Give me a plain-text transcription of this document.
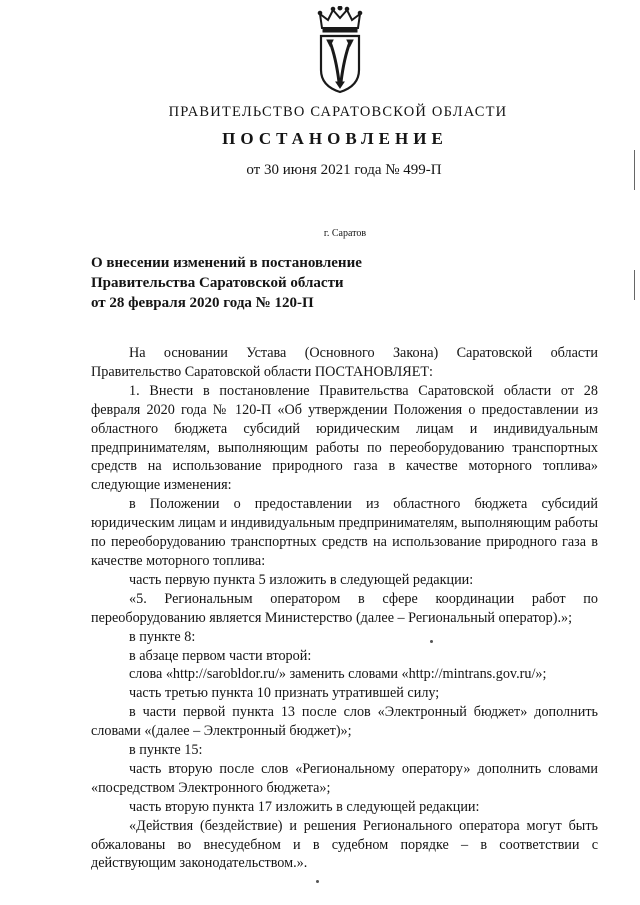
ПРАВИТЕЛЬСТВО САРАТОВСКОЙ ОБЛАСТИ
ПОСТАНОВЛЕНИЕ
от 30 июня 2021 года № 499-П
г. Саратов
О внесении изменений в постановление
Правительства Саратовской области
от 28 февраля 2020 года № 120-П

На основании Устава (Основного Закона) Саратовской области Правительство Саратовской области ПОСТАНОВЛЯЕТ:

1. Внести в постановление Правительства Саратовской области от 28 февраля 2020 года № 120-П «Об утверждении Положения о предоставлении из областного бюджета субсидий юридическим лицам и индивидуальным предпринимателям, выполняющим работы по переоборудованию транспортных средств на использование природного газа в качестве моторного топлива» следующие изменения:

в Положении о предоставлении из областного бюджета субсидий юридическим лицам и индивидуальным предпринимателям, выполняющим работы по переоборудованию транспортных средств на использование природного газа в качестве моторного топлива:

часть первую пункта 5 изложить в следующей редакции:

«5. Региональным оператором в сфере координации работ по переоборудованию является Министерство (далее – Региональный оператор).»;

в пункте 8:

в абзаце первом части второй:

слова «http://sarobldor.ru/» заменить словами «http://mintrans.gov.ru/»;

часть третью пункта 10 признать утратившей силу;

в части первой пункта 13 после слов «Электронный бюджет» дополнить словами «(далее – Электронный бюджет)»;

в пункте 15:

часть вторую после слов «Региональному оператору» дополнить словами «посредством Электронного бюджета»;

часть вторую пункта 17 изложить в следующей редакции:

«Действия (бездействие) и решения Регионального оператора могут быть обжалованы во внесудебном и в судебном порядке – в соответствии с действующим законодательством.».
